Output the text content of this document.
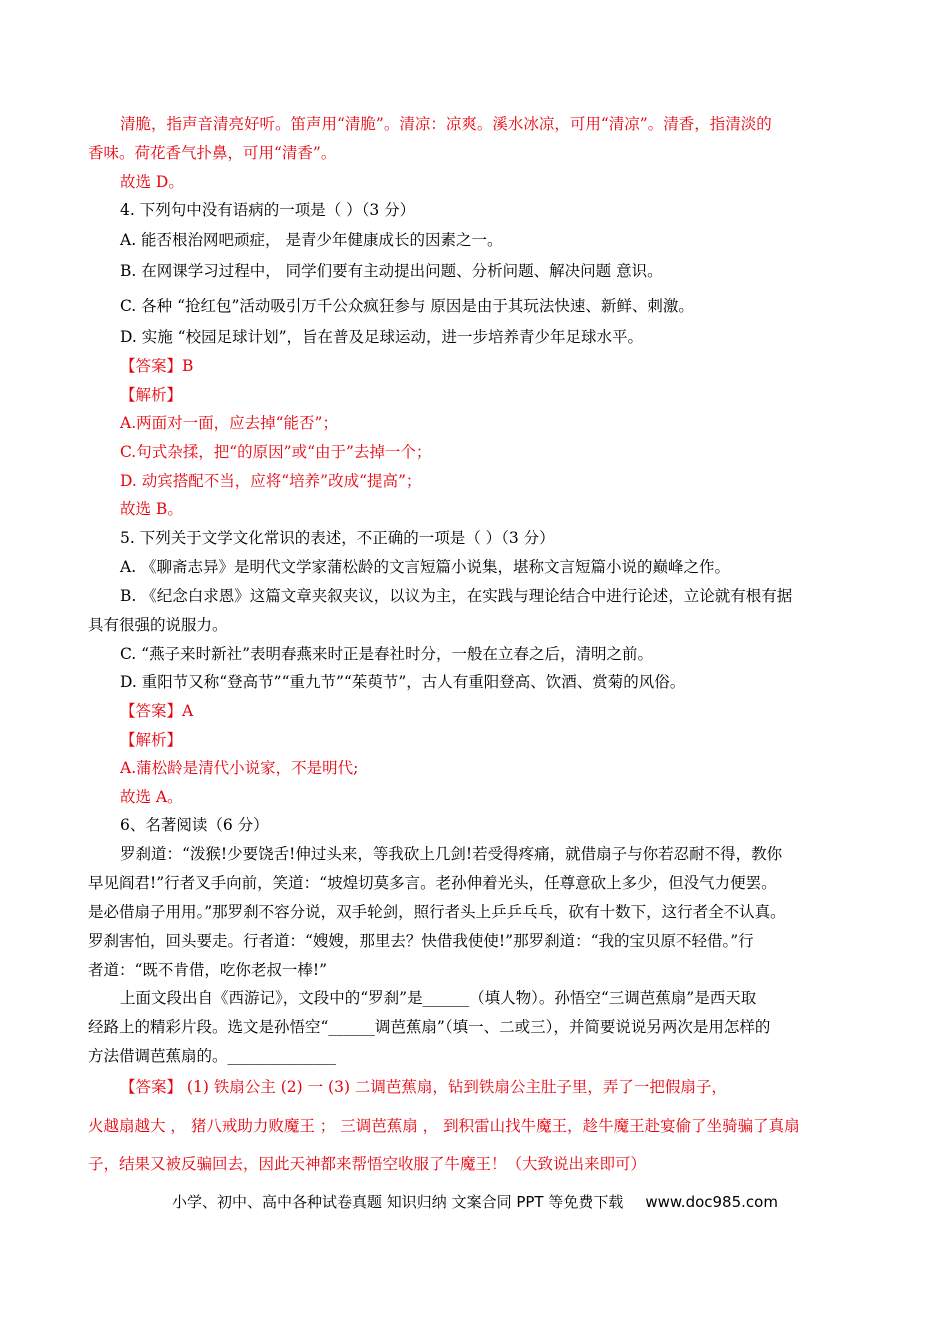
清脆，指声音清亮好听。笛声用“清脆”。清凉：凉爽。溪水冰凉，可用“清凉”。清香，指清淡的
香味。荷花香气扑鼻，可用“清香”。
故选 D。
4. 下列句中没有语病的一项是（ ）（3 分）
A. 能否根治网吧顽症， 是青少年健康成长的因素之一。
B. 在网课学习过程中， 同学们要有主动提出问题、分析问题、解决问题 意识。
C. 各种 “抢红包”活动吸引万千公众疯狂参与 原因是由于其玩法快速、新鲜、刺激。
D. 实施 “校园足球计划”，旨在普及足球运动，进一步培养青少年足球水平。
【答案】B
【解析】
A.两面对一面，应去掉“能否”；
C.句式杂揉，把“的原因”或“由于”去掉一个；
D. 动宾搭配不当，应将“培养”改成“提高”；
故选 B。
5. 下列关于文学文化常识的表述，不正确的一项是（ ）（3 分）
A. 《聊斋志异》是明代文学家蒲松龄的文言短篇小说集，堪称文言短篇小说的巅峰之作。
B. 《纪念白求恩》这篇文章夹叙夹议，以议为主，在实践与理论结合中进行论述，立论就有根有据
具有很强的说服力。
C. “燕子来时新社”表明春燕来时正是春社时分，一般在立春之后，清明之前。
D. 重阳节又称“登高节”“重九节”“茱萸节”，古人有重阳登高、饮酒、赏菊的风俗。
【答案】A
【解析】
A.蒲松龄是清代小说家，不是明代;
故选 A。
6、名著阅读（6 分）
罗刹道：“泼猴!少要饶舌!伸过头来，等我砍上几剑!若受得疼痛，就借扇子与你若忍耐不得，教你
早见阎君!”行者叉手向前，笑道：“坡煌切莫多言。老孙伸着光头，任尊意砍上多少，但没气力便罢。
是必借扇子用用。”那罗刹不容分说，双手轮剑，照行者头上乒乒乓乓，砍有十数下，这行者全不认真。
罗刹害怕，回头要走。行者道：“嫂嫂，那里去？快借我使使!”那罗刹道：“我的宝贝原不轻借。”行
者道：“既不肯借，吃你老叔一棒!”
上面文段出自《西游记》，文段中的“罗刹”是______（填人物）。孙悟空“三调芭蕉扇”是西天取
经路上的精彩片段。选文是孙悟空“______调芭蕉扇”（填一、二或三），并简要说说另两次是用怎样的
方法借调芭蕉扇的。______________
【答案】 (1) 铁扇公主 (2) 一 (3) 二调芭蕉扇，钻到铁扇公主肚子里，弄了一把假扇子，
火越扇越大 ， 猪八戒助力败魔王 ； 三调芭蕉扇 ， 到积雷山找牛魔王，趁牛魔王赴宴偷了坐骑骗了真扇
子，结果又被反骗回去，因此天神都来帮悟空收服了牛魔王！（大致说出来即可）
小学、初中、高中各种试卷真题 知识归纳 文案合同 PPT 等免费下载 www.doc985.com
